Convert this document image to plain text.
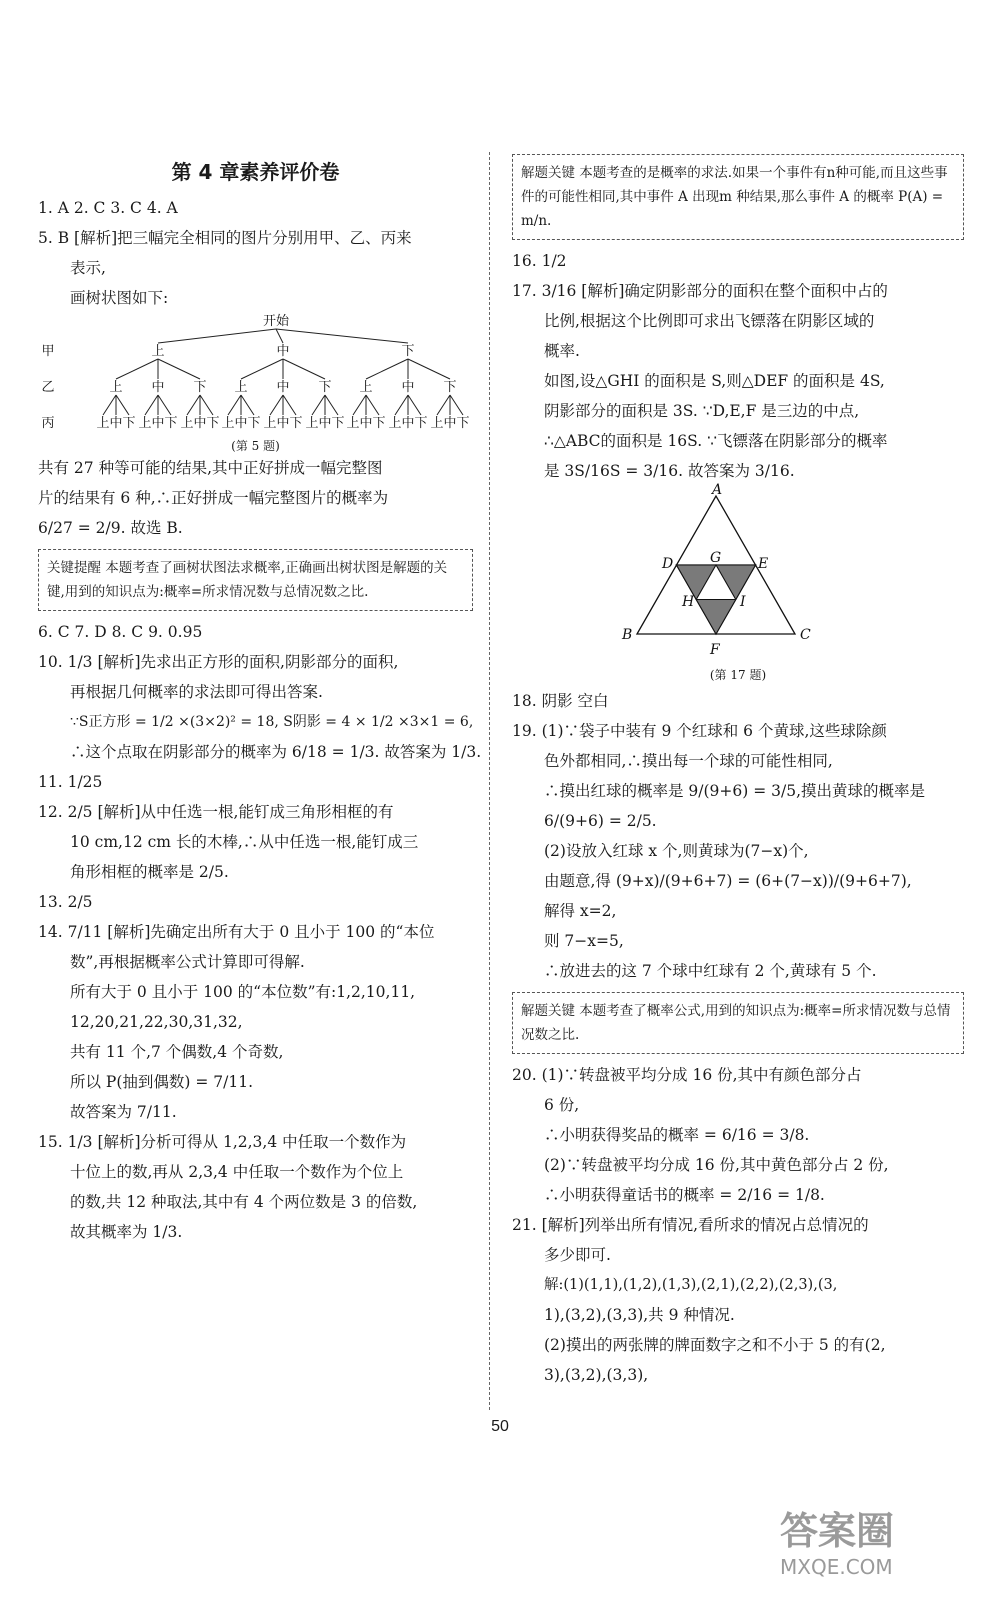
第 4 章素养评价卷
1. A 2. C 3. C 4. A
5. B [解析]把三幅完全相同的图片分别用甲、乙、丙来
表示,
画树状图如下:
开始
甲
乙
丙
上
上
上 中 下
中
上 中 下
下
上 中 下
中
上
上 中 下
中
上 中 下
下
上 中 下
下
上
上 中 下
中
上 中 下
下
上 中 下
(第 5 题)
共有 27 种等可能的结果,其中正好拼成一幅完整图
片的结果有 6 种,∴正好拼成一幅完整图片的概率为
6/27 = 2/9. 故选 B.
关键提醒 本题考查了画树状图法求概率,正确画出树状图是解题的关键,用到的知识点为:概率=所求情况数与总情况数之比.
6. C 7. D 8. C 9. 0.95
10. 1/3 [解析]先求出正方形的面积,阴影部分的面积,
再根据几何概率的求法即可得出答案.
∵S正方形 = 1/2 ×(3×2)² = 18, S阴影 = 4 × 1/2 ×3×1 = 6,
∴这个点取在阴影部分的概率为 6/18 = 1/3. 故答案为 1/3.
11. 1/25
12. 2/5 [解析]从中任选一根,能钉成三角形相框的有
10 cm,12 cm 长的木棒,∴从中任选一根,能钉成三
角形相框的概率是 2/5.
13. 2/5
14. 7/11 [解析]先确定出所有大于 0 且小于 100 的“本位
数”,再根据概率公式计算即可得解.
所有大于 0 且小于 100 的“本位数”有:1,2,10,11,
12,20,21,22,30,31,32,
共有 11 个,7 个偶数,4 个奇数,
所以 P(抽到偶数) = 7/11.
故答案为 7/11.
15. 1/3 [解析]分析可得从 1,2,3,4 中任取一个数作为
十位上的数,再从 2,3,4 中任取一个数作为个位上
的数,共 12 种取法,其中有 4 个两位数是 3 的倍数,
故其概率为 1/3.
解题关键 本题考查的是概率的求法.如果一个事件有n种可能,而且这些事件的可能性相同,其中事件 A 出现m 种结果,那么事件 A 的概率 P(A) = m/n.
16. 1/2
17. 3/16 [解析]确定阴影部分的面积在整个面积中占的
比例,根据这个比例即可求出飞镖落在阴影区域的
概率.
如图,设△GHI 的面积是 S,则△DEF 的面积是 4S,
阴影部分的面积是 3S. ∵D,E,F 是三边的中点,
∴△ABC的面积是 16S. ∵飞镖落在阴影部分的概率
是 3S/16S = 3/16. 故答案为 3/16.
A
B	C
D	E
F
G
H	I
(第 17 题)
18. 阴影 空白
19. (1)∵袋子中装有 9 个红球和 6 个黄球,这些球除颜
色外都相同,∴摸出每一个球的可能性相同,
∴摸出红球的概率是 9/(9+6) = 3/5,摸出黄球的概率是
6/(9+6) = 2/5.
(2)设放入红球 x 个,则黄球为(7−x)个,
由题意,得 (9+x)/(9+6+7) = (6+(7−x))/(9+6+7),
解得 x=2,
则 7−x=5,
∴放进去的这 7 个球中红球有 2 个,黄球有 5 个.
解题关键 本题考查了概率公式,用到的知识点为:概率=所求情况数与总情况数之比.
20. (1)∵转盘被平均分成 16 份,其中有颜色部分占
6 份,
∴小明获得奖品的概率 = 6/16 = 3/8.
(2)∵转盘被平均分成 16 份,其中黄色部分占 2 份,
∴小明获得童话书的概率 = 2/16 = 1/8.
21. [解析]列举出所有情况,看所求的情况占总情况的
多少即可.
解:(1)(1,1),(1,2),(1,3),(2,1),(2,2),(2,3),(3,
1),(3,2),(3,3),共 9 种情况.
(2)摸出的两张牌的牌面数字之和不小于 5 的有(2,
3),(3,2),(3,3),
50
答案圈
MXQE.COM
